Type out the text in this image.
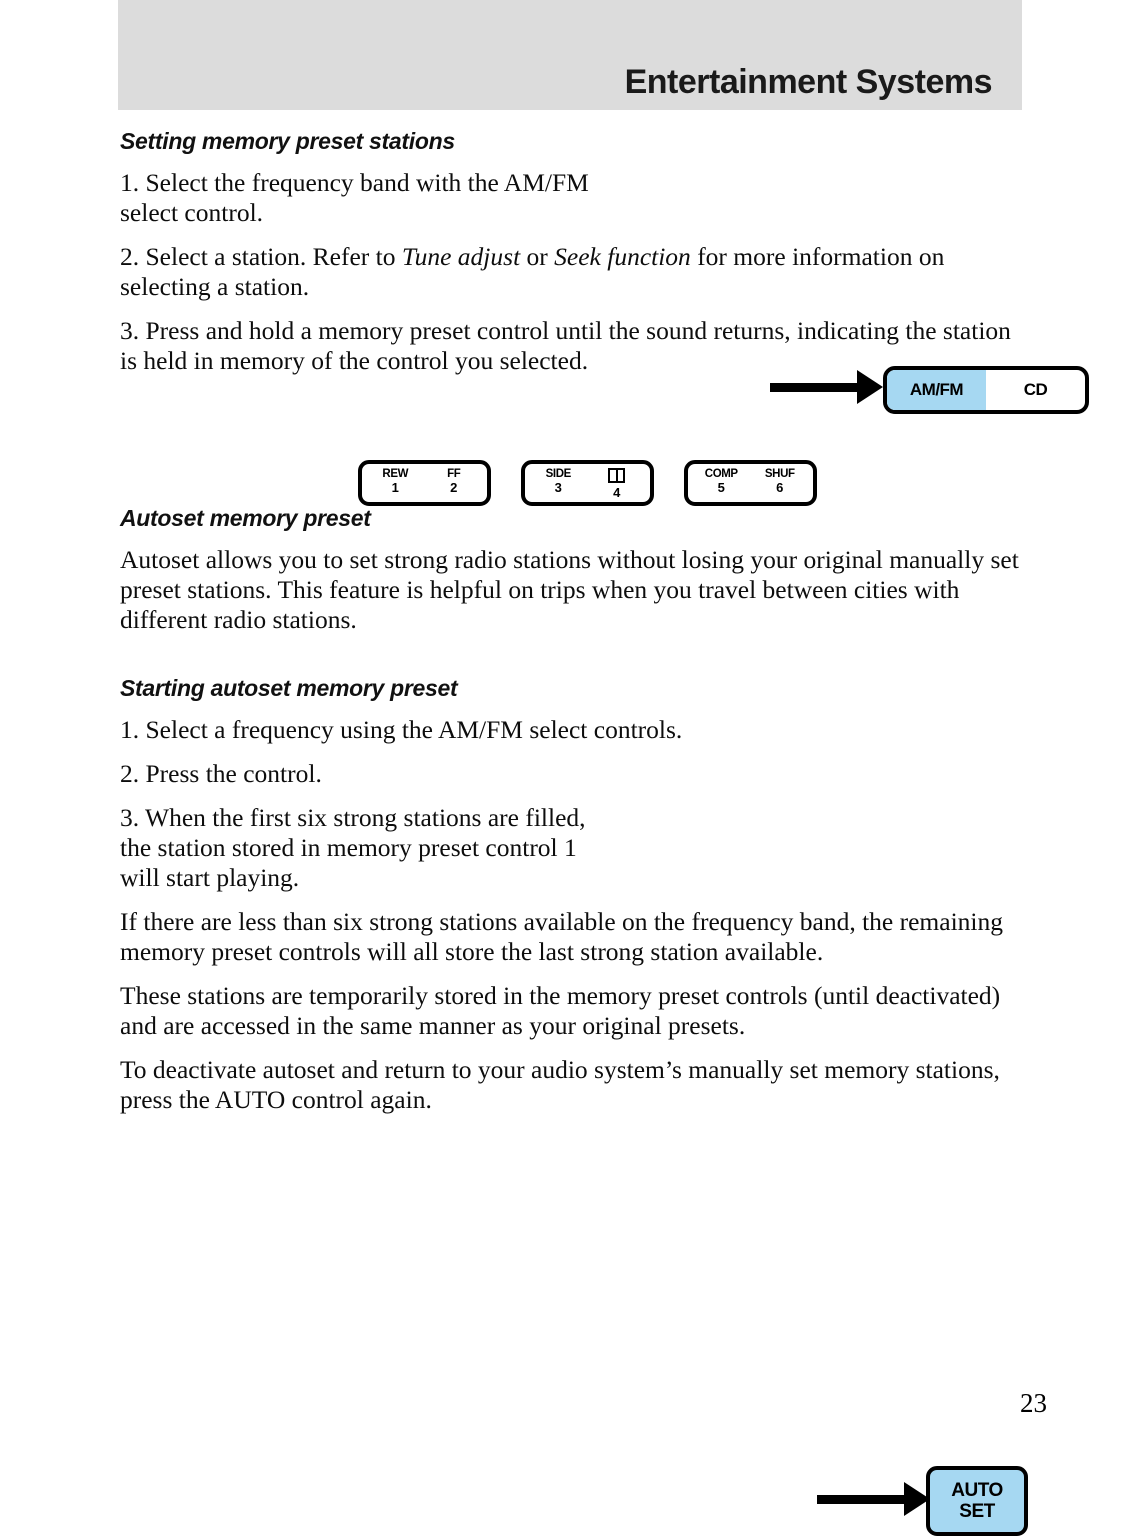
Entertainment Systems
Setting memory preset stations

1. Select the frequency band with the AM/FM select control.

2. Select a station. Refer to Tune adjust or Seek function for more information on selecting a station.

3. Press and hold a memory preset control until the sound returns, indicating the station is held in memory of the control you selected.

AM/FM	CD
REW
1
FF
2
SIDE
3	4
COMP
5
SHUF
6
Autoset memory preset

Autoset allows you to set strong radio stations without losing your original manually set preset stations. This feature is helpful on trips when you travel between cities with different radio stations.

Starting autoset memory preset

1. Select a frequency using the AM/FM select controls.

2. Press the control.

3. When the first six strong stations are filled, the station stored in memory preset control 1 will start playing.

AUTO
SET

If there are less than six strong stations available on the frequency band, the remaining memory preset controls will all store the last strong station available.

These stations are temporarily stored in the memory preset controls (until deactivated) and are accessed in the same manner as your original presets.

To deactivate autoset and return to your audio system’s manually set memory stations, press the AUTO control again.

23
